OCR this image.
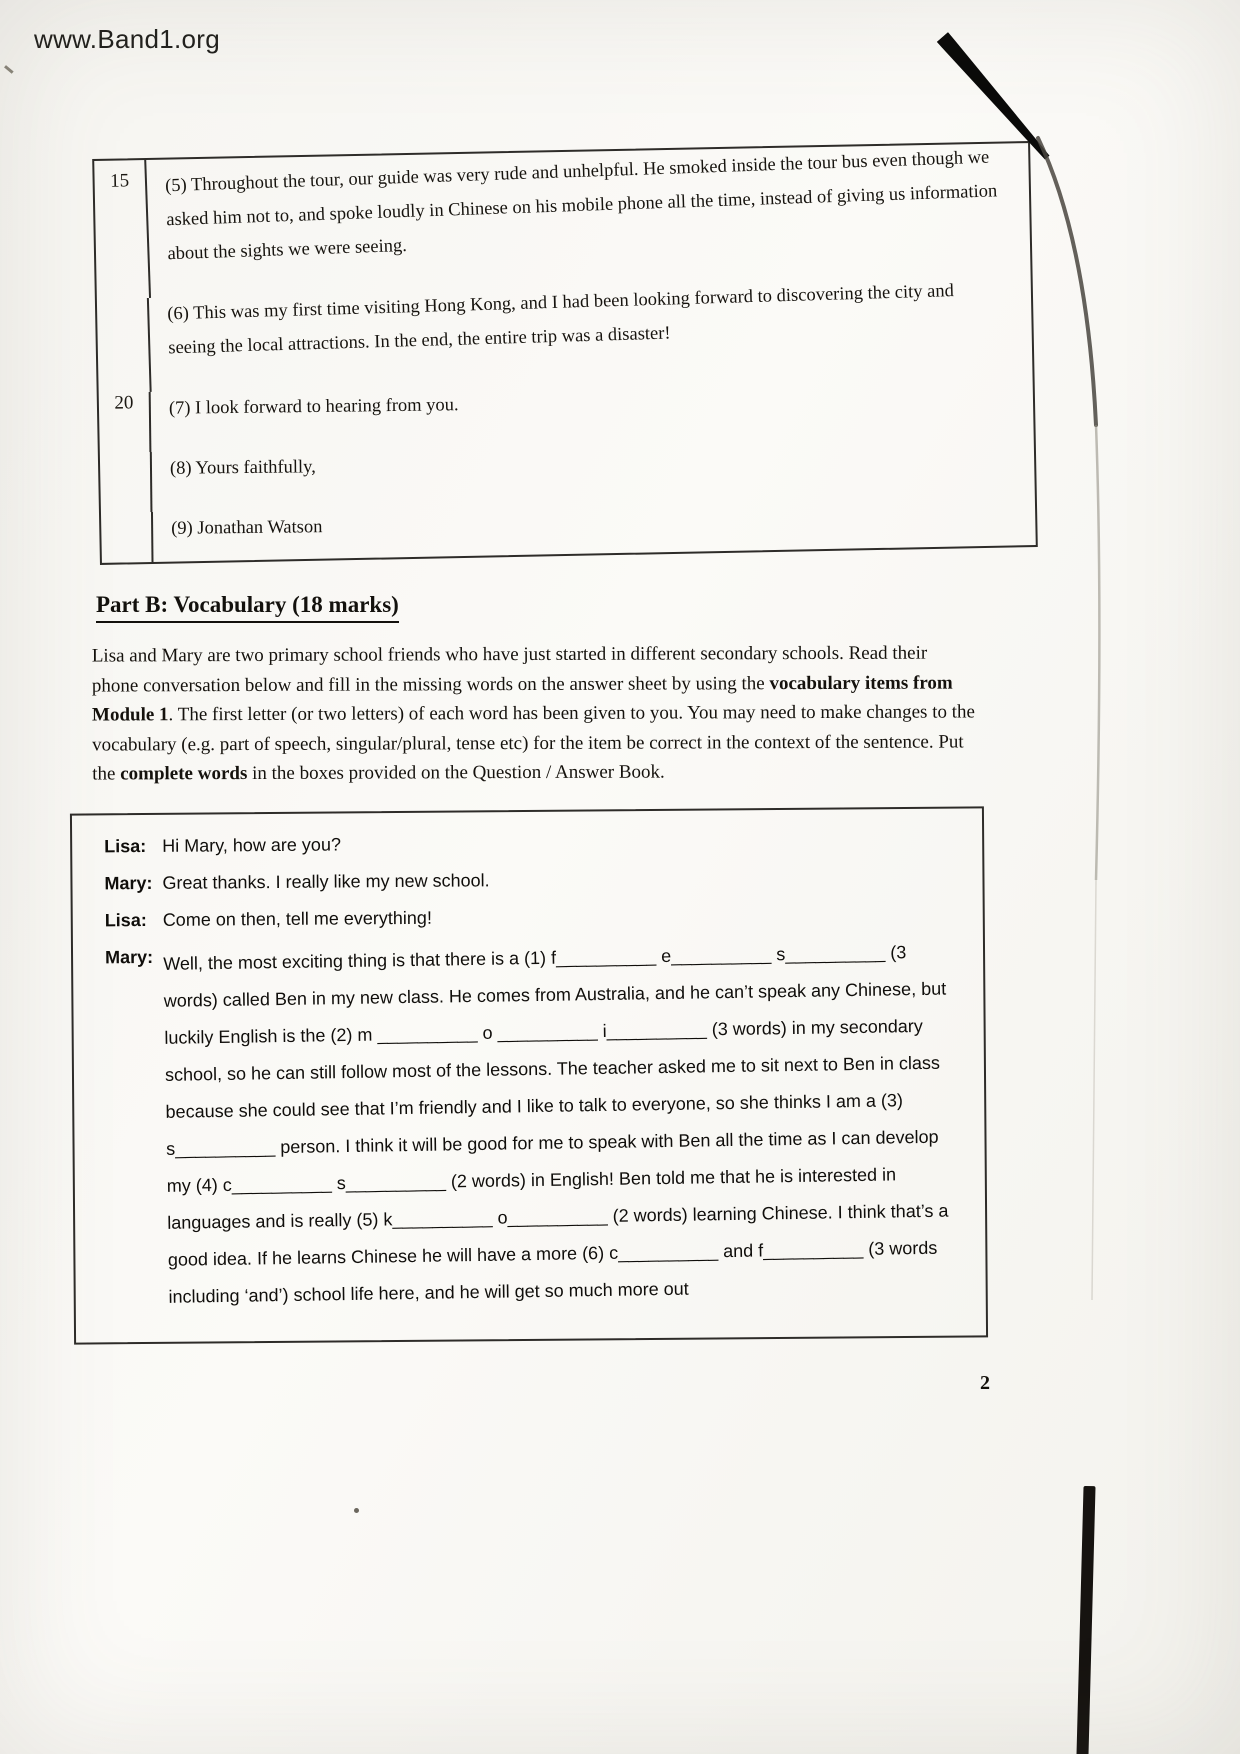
www.Band1.org
15	(5) Throughout the tour, our guide was very rude and unhelpful. He smoked inside the tour bus even though we asked him not to, and spoke loudly in Chinese on his mobile phone all the time, instead of giving us information about the sights we were seeing.
(6) This was my first time visiting Hong Kong, and I had been looking forward to discovering the city and seeing the local attractions. In the end, the entire trip was a disaster!
20	(7) I look forward to hearing from you.
(8) Yours faithfully,
(9) Jonathan Watson
Part B: Vocabulary (18 marks)
Lisa and Mary are two primary school friends who have just started in different secondary schools. Read their phone conversation below and fill in the missing words on the answer sheet by using the vocabulary items from Module 1. The first letter (or two letters) of each word has been given to you. You may need to make changes to the vocabulary (e.g. part of speech, singular/plural, tense etc) for the item be correct in the context of the sentence. Put the complete words in the boxes provided on the Question / Answer Book.
Lisa: Hi Mary, how are you?
Mary: Great thanks. I really like my new school.
Lisa: Come on then, tell me everything!
Mary: Well, the most exciting thing is that there is a (1) f__________ e__________ s__________ (3 words) called Ben in my new class. He comes from Australia, and he can’t speak any Chinese, but luckily English is the (2) m __________ o __________ i__________ (3 words) in my secondary school, so he can still follow most of the lessons. The teacher asked me to sit next to Ben in class because she could see that I’m friendly and I like to talk to everyone, so she thinks I am a (3) s__________ person. I think it will be good for me to speak with Ben all the time as I can develop my (4) c__________ s__________ (2 words) in English! Ben told me that he is interested in languages and is really (5) k__________ o__________ (2 words) learning Chinese. I think that’s a good idea. If he learns Chinese he will have a more (6) c__________ and f__________ (3 words including ‘and’) school life here, and he will get so much more out
2
